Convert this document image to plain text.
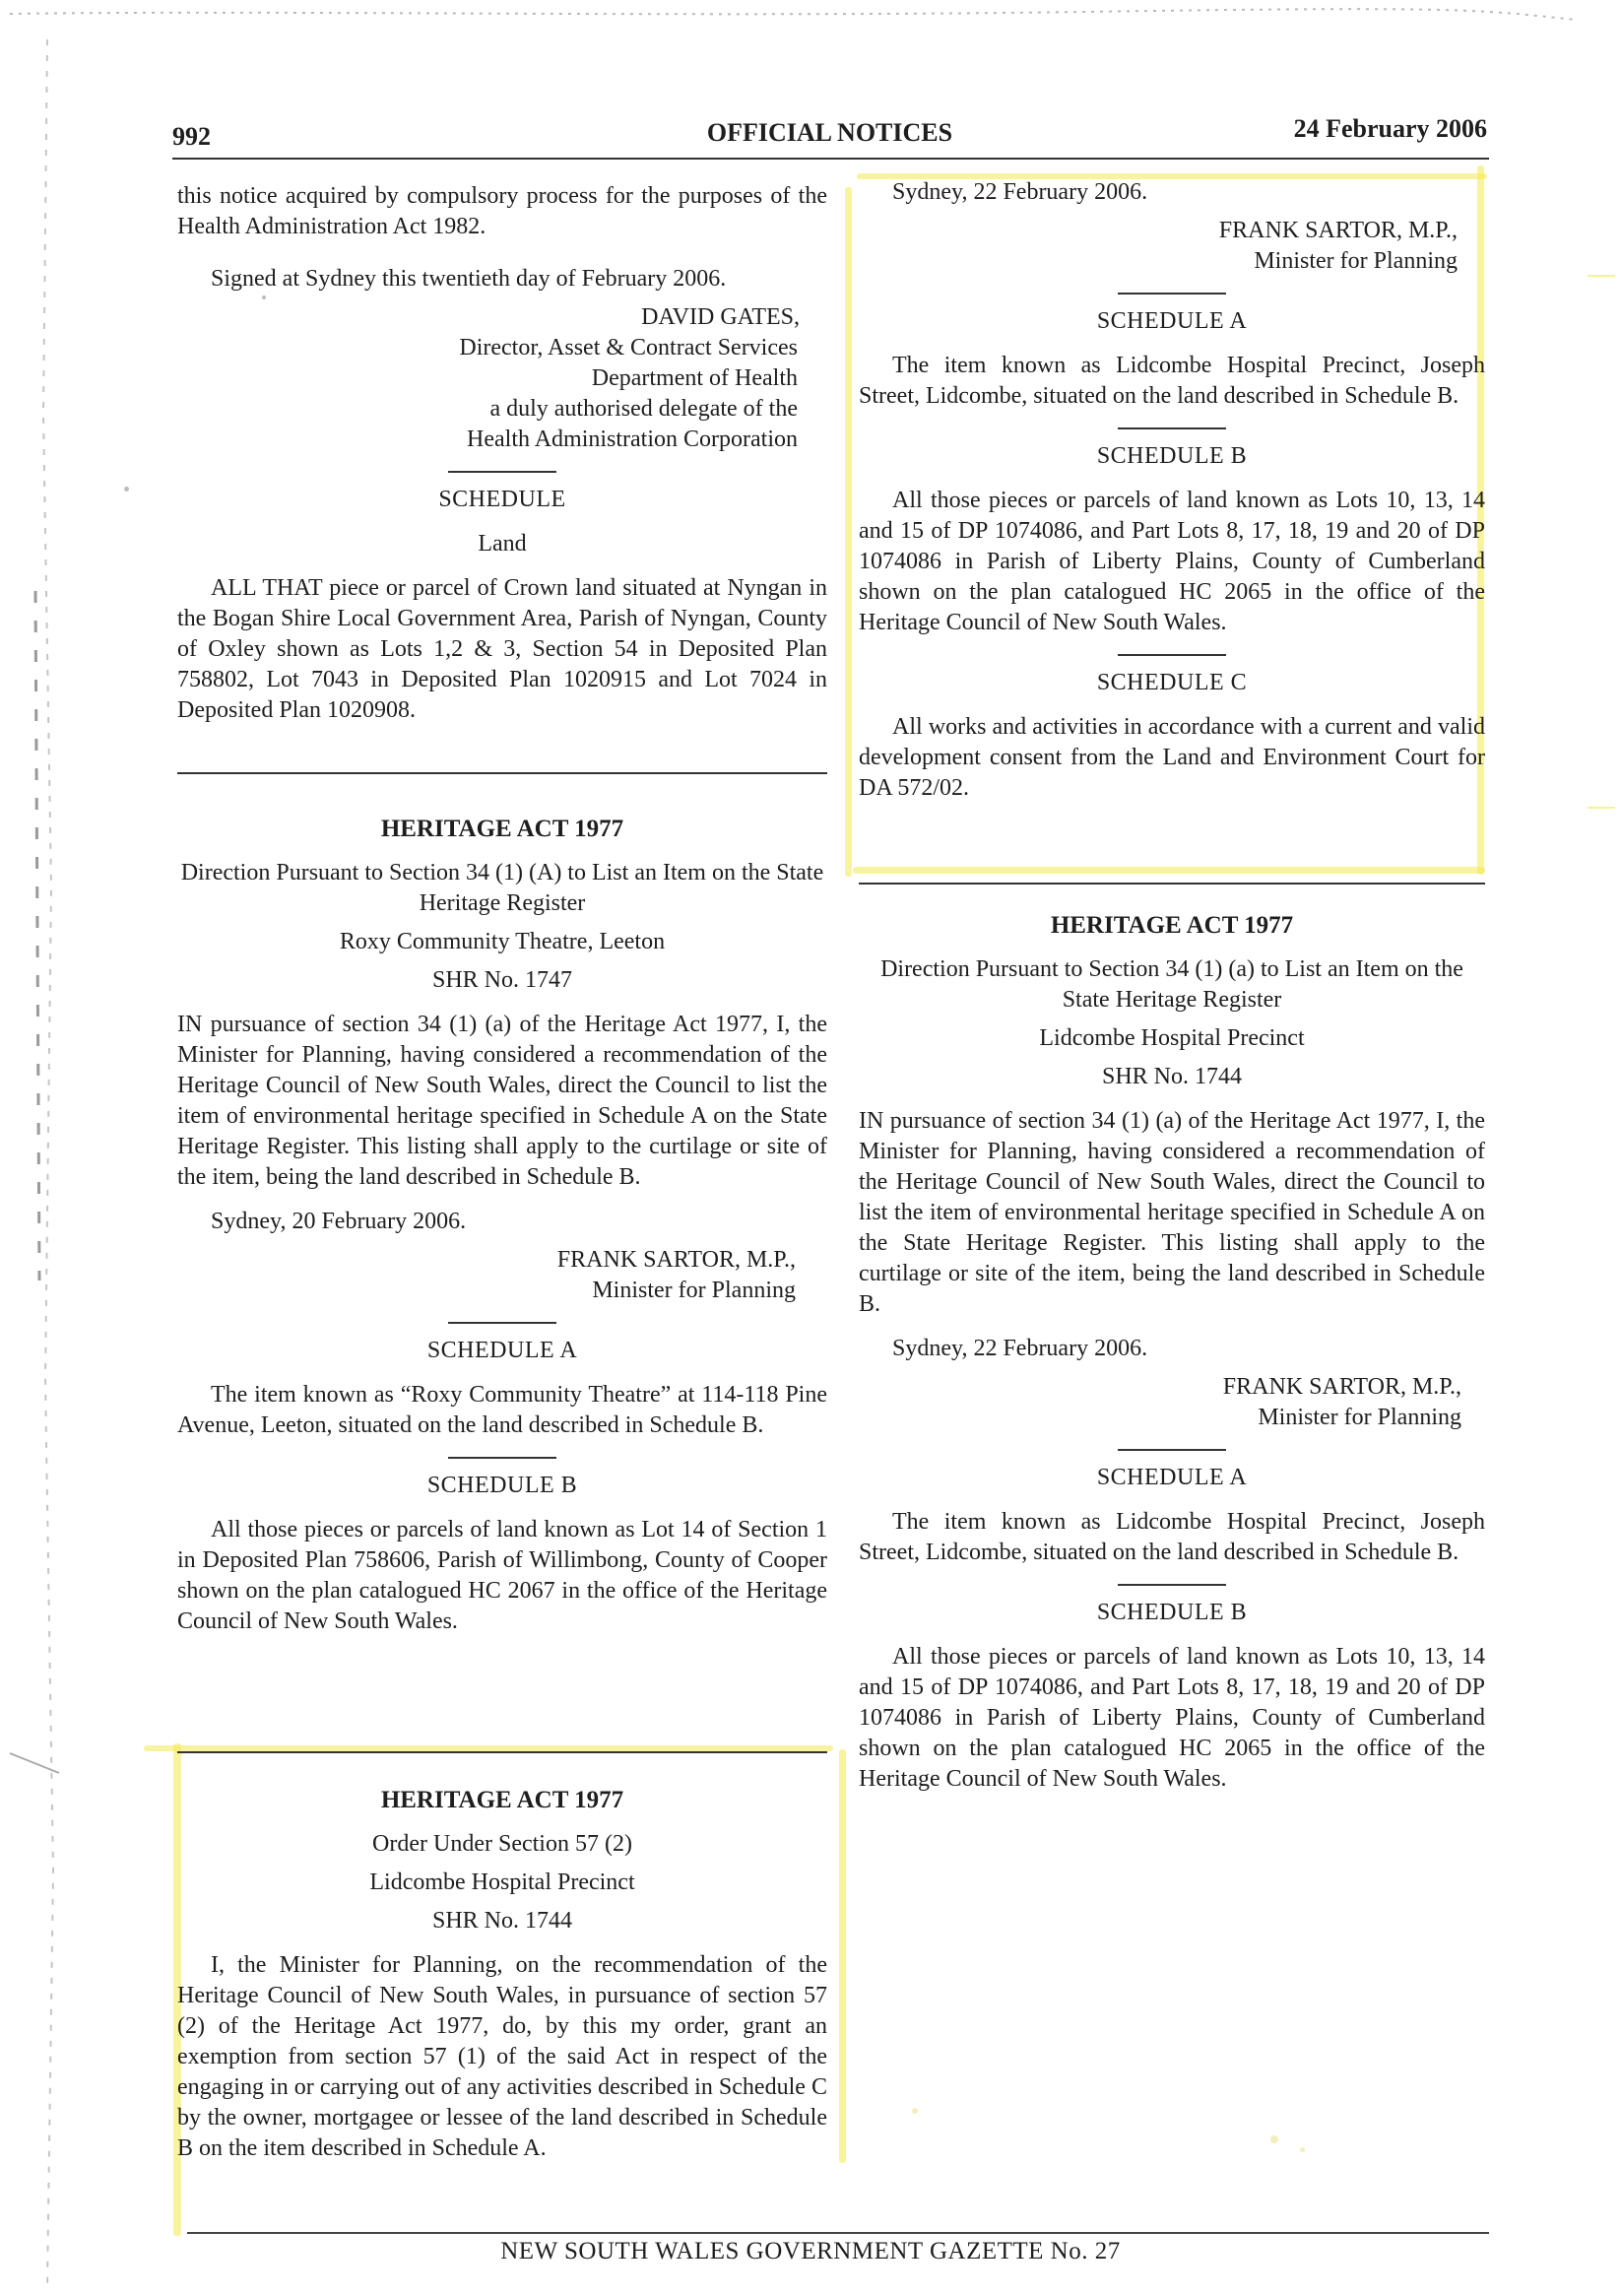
992	OFFICIAL NOTICES	24 February 2006

this notice acquired by compulsory process for the purposes of the Health Administration Act 1982.

Signed at Sydney this twentieth day of February 2006.

DAVID GATES,

Director, Asset & Contract Services

Department of Health

a duly authorised delegate of the

Health Administration Corporation

SCHEDULE

Land

ALL THAT piece or parcel of Crown land situated at Nyngan in the Bogan Shire Local Government Area, Parish of Nyngan, County of Oxley shown as Lots 1,2 & 3, Section 54 in Deposited Plan 758802, Lot 7043 in Deposited Plan 1020915 and Lot 7024 in Deposited Plan 1020908.

HERITAGE ACT 1977

Direction Pursuant to Section 34 (1) (A) to List an Item on the State Heritage Register

Roxy Community Theatre, Leeton

SHR No. 1747

IN pursuance of section 34 (1) (a) of the Heritage Act 1977, I, the Minister for Planning, having considered a recommendation of the Heritage Council of New South Wales, direct the Council to list the item of environmental heritage specified in Schedule A on the State Heritage Register. This listing shall apply to the curtilage or site of the item, being the land described in Schedule B.

Sydney, 20 February 2006.

FRANK SARTOR, M.P.,

Minister for Planning

SCHEDULE A

The item known as “Roxy Community Theatre” at 114-118 Pine Avenue, Leeton, situated on the land described in Schedule B.

SCHEDULE B

All those pieces or parcels of land known as Lot 14 of Section 1 in Deposited Plan 758606, Parish of Willimbong, County of Cooper shown on the plan catalogued HC 2067 in the office of the Heritage Council of New South Wales.

HERITAGE ACT 1977

Order Under Section 57 (2)

Lidcombe Hospital Precinct

SHR No. 1744

I, the Minister for Planning, on the recommendation of the Heritage Council of New South Wales, in pursuance of section 57 (2) of the Heritage Act 1977, do, by this my order, grant an exemption from section 57 (1) of the said Act in respect of the engaging in or carrying out of any activities described in Schedule C by the owner, mortgagee or lessee of the land described in Schedule B on the item described in Schedule A.

Sydney, 22 February 2006.

FRANK SARTOR, M.P.,

Minister for Planning

SCHEDULE A

The item known as Lidcombe Hospital Precinct, Joseph Street, Lidcombe, situated on the land described in Schedule B.

SCHEDULE B

All those pieces or parcels of land known as Lots 10, 13, 14 and 15 of DP 1074086, and Part Lots 8, 17, 18, 19 and 20 of DP 1074086 in Parish of Liberty Plains, County of Cumberland shown on the plan catalogued HC 2065 in the office of the Heritage Council of New South Wales.

SCHEDULE C

All works and activities in accordance with a current and valid development consent from the Land and Environment Court for DA 572/02.

HERITAGE ACT 1977

Direction Pursuant to Section 34 (1) (a) to List an Item on the State Heritage Register

Lidcombe Hospital Precinct

SHR No. 1744

IN pursuance of section 34 (1) (a) of the Heritage Act 1977, I, the Minister for Planning, having considered a recommendation of the Heritage Council of New South Wales, direct the Council to list the item of environmental heritage specified in Schedule A on the State Heritage Register. This listing shall apply to the curtilage or site of the item, being the land described in Schedule B.

Sydney, 22 February 2006.

FRANK SARTOR, M.P.,

Minister for Planning

SCHEDULE A

The item known as Lidcombe Hospital Precinct, Joseph Street, Lidcombe, situated on the land described in Schedule B.

SCHEDULE B

All those pieces or parcels of land known as Lots 10, 13, 14 and 15 of DP 1074086, and Part Lots 8, 17, 18, 19 and 20 of DP 1074086 in Parish of Liberty Plains, County of Cumberland shown on the plan catalogued HC 2065 in the office of the Heritage Council of New South Wales.

NEW SOUTH WALES GOVERNMENT GAZETTE No. 27
